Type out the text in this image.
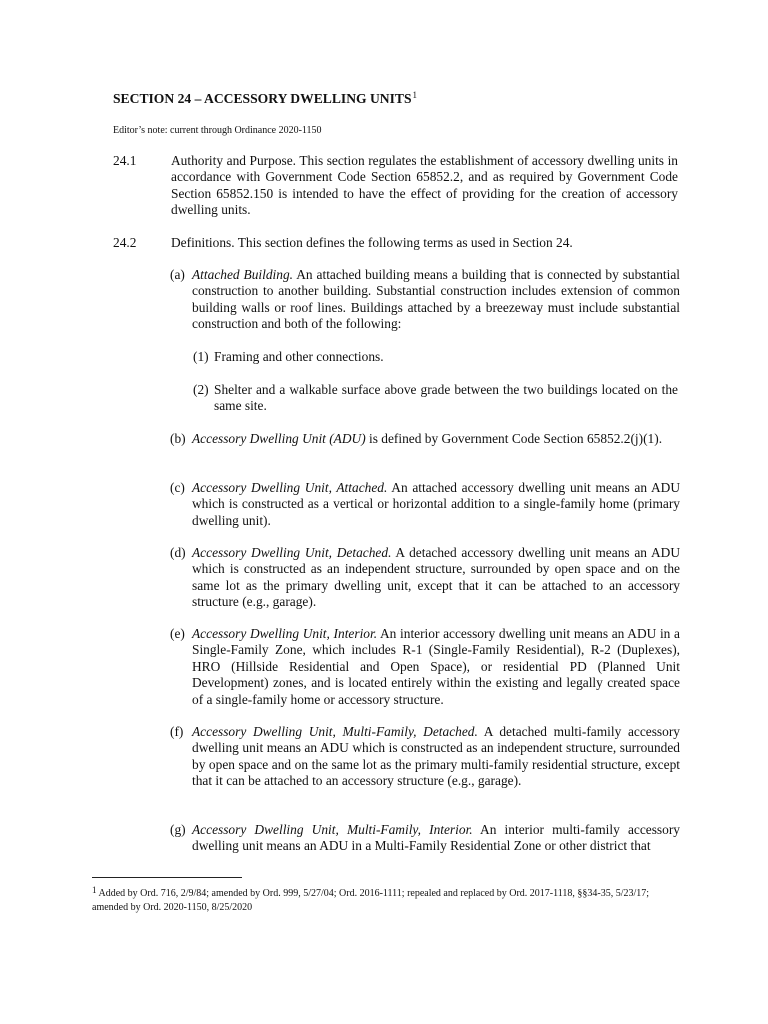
SECTION 24 – ACCESSORY DWELLING UNITS$^1$
Editor’s note: current through Ordinance 2020-1150
24.1	Authority and Purpose. This section regulates the establishment of accessory dwelling units in accordance with Government Code Section 65852.2, and as required by Government Code Section 65852.150 is intended to have the effect of providing for the creation of accessory dwelling units.
24.2	Definitions. This section defines the following terms as used in Section 24.
(a) Attached Building. An attached building means a building that is connected by substantial construction to another building. Substantial construction includes extension of common building walls or roof lines. Buildings attached by a breezeway must include substantial construction and both of the following:
(1) Framing and other connections.
(2) Shelter and a walkable surface above grade between the two buildings located on the same site.
(b) Accessory Dwelling Unit (ADU) is defined by Government Code Section 65852.2(j)(1).
(c) Accessory Dwelling Unit, Attached. An attached accessory dwelling unit means an ADU which is constructed as a vertical or horizontal addition to a single-family home (primary dwelling unit).
(d) Accessory Dwelling Unit, Detached. A detached accessory dwelling unit means an ADU which is constructed as an independent structure, surrounded by open space and on the same lot as the primary dwelling unit, except that it can be attached to an accessory structure (e.g., garage).
(e) Accessory Dwelling Unit, Interior. An interior accessory dwelling unit means an ADU in a Single-Family Zone, which includes R-1 (Single-Family Residential), R-2 (Duplexes), HRO (Hillside Residential and Open Space), or residential PD (Planned Unit Development) zones, and is located entirely within the existing and legally created space of a single-family home or accessory structure.
(f) Accessory Dwelling Unit, Multi-Family, Detached. A detached multi-family accessory dwelling unit means an ADU which is constructed as an independent structure, surrounded by open space and on the same lot as the primary multi-family residential structure, except that it can be attached to an accessory structure (e.g., garage).
(g) Accessory Dwelling Unit, Multi-Family, Interior. An interior multi-family accessory dwelling unit means an ADU in a Multi-Family Residential Zone or other district that
$^1$ Added by Ord. 716, 2/9/84; amended by Ord. 999, 5/27/04; Ord. 2016-1111; repealed and replaced by Ord. 2017-1118, §§34-35, 5/23/17; amended by Ord. 2020-1150, 8/25/2020
